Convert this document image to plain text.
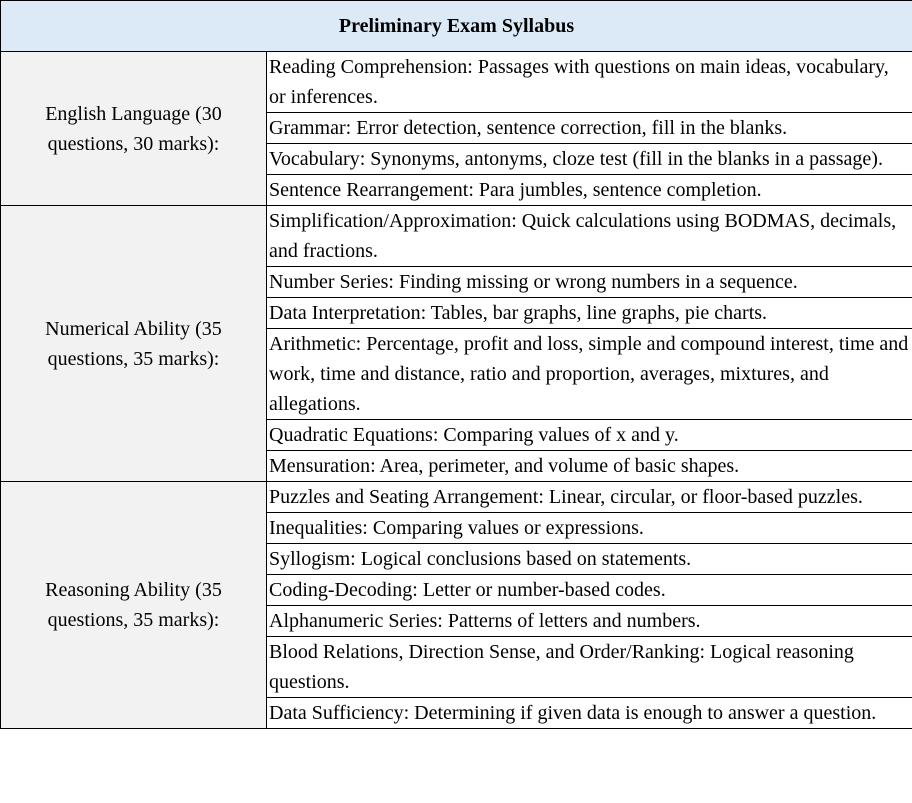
Preliminary Exam Syllabus	
English Language (30 questions, 30 marks):	Reading Comprehension: Passages with questions on main ideas, vocabulary, or inferences.
	Grammar: Error detection, sentence correction, fill in the blanks.
	Vocabulary: Synonyms, antonyms, cloze test (fill in the blanks in a passage).
	Sentence Rearrangement: Para jumbles, sentence completion.
Numerical Ability (35 questions, 35 marks):	Simplification/Approximation: Quick calculations using BODMAS, decimals, and fractions.
	Number Series: Finding missing or wrong numbers in a sequence.
	Data Interpretation: Tables, bar graphs, line graphs, pie charts.
	Arithmetic: Percentage, profit and loss, simple and compound interest, time and work, time and distance, ratio and proportion, averages, mixtures, and allegations.
	Quadratic Equations: Comparing values of x and y.
	Mensuration: Area, perimeter, and volume of basic shapes.
Reasoning Ability (35 questions, 35 marks):	Puzzles and Seating Arrangement: Linear, circular, or floor-based puzzles.
	Inequalities: Comparing values or expressions.
	Syllogism: Logical conclusions based on statements.
	Coding-Decoding: Letter or number-based codes.
	Alphanumeric Series: Patterns of letters and numbers.
	Blood Relations, Direction Sense, and Order/Ranking: Logical reasoning questions.
	Data Sufficiency: Determining if given data is enough to answer a question.
